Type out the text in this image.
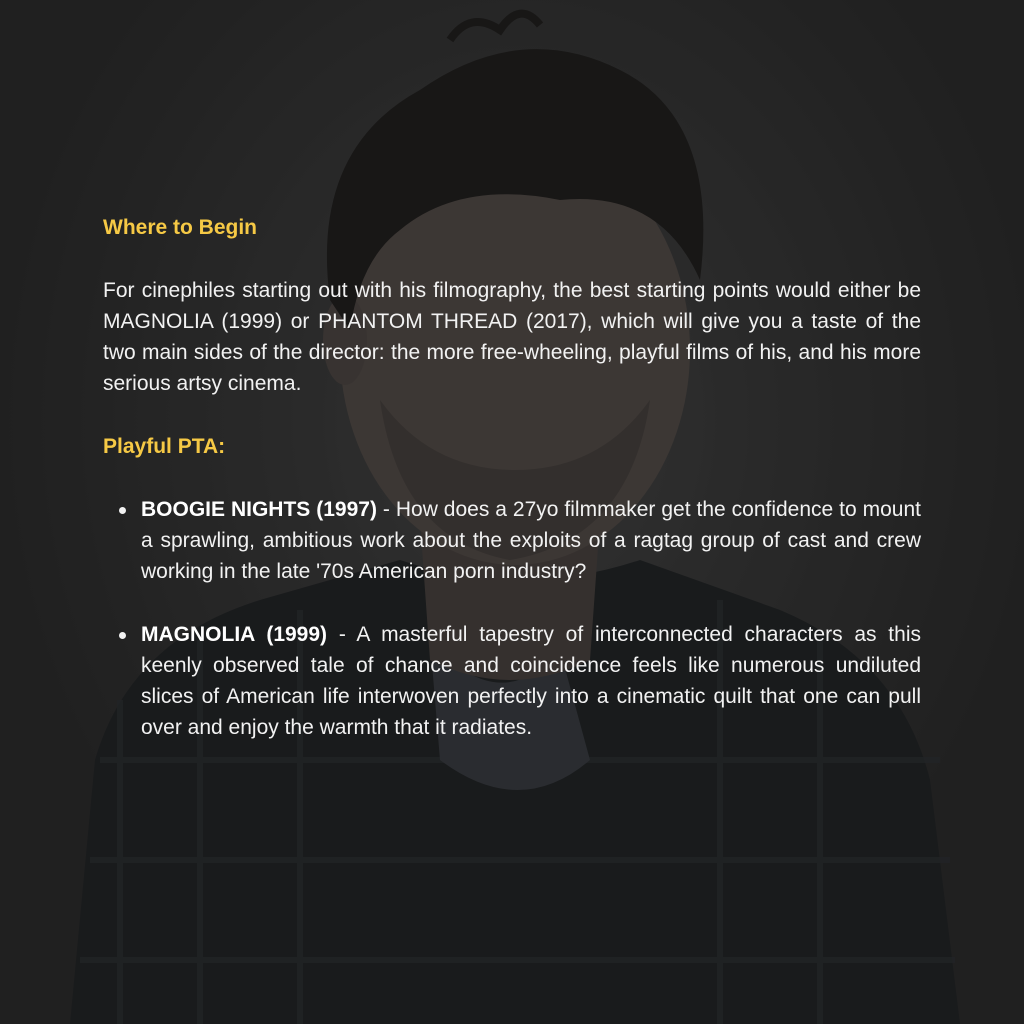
Where to Begin

For cinephiles starting out with his filmography, the best starting points would either be MAGNOLIA (1999) or PHANTOM THREAD (2017), which will give you a taste of the two main sides of the director: the more free-wheeling, playful films of his, and his more serious artsy cinema.

Playful PTA:
BOOGIE NIGHTS (1997) - How does a 27yo filmmaker get the confidence to mount a sprawling, ambitious work about the exploits of a ragtag group of cast and crew working in the late '70s American porn industry?
MAGNOLIA (1999) - A masterful tapestry of interconnected characters as this keenly observed tale of chance and coincidence feels like numerous undiluted slices of American life interwoven perfectly into a cinematic quilt that one can pull over and enjoy the warmth that it radiates.
